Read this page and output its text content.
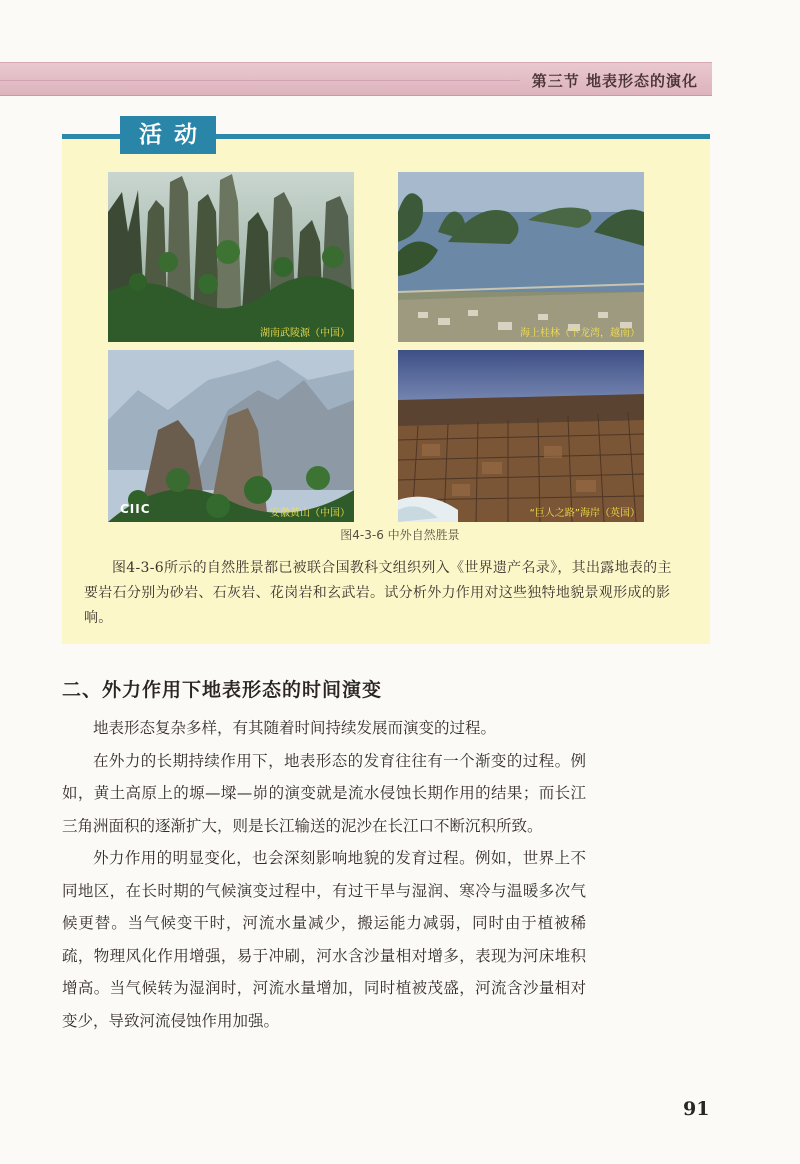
第三节 地表形态的演化
活动
湖南武陵源（中国）	海上桂林（下龙湾，越南）
CIIC	安徽黄山（中国）	“巨人之路”海岸（英国）
图4-3-6 中外自然胜景
图4-3-6所示的自然胜景都已被联合国教科文组织列入《世界遗产名录》，其出露地表的主要岩石分别为砂岩、石灰岩、花岗岩和玄武岩。试分析外力作用对这些独特地貌景观形成的影响。
二、外力作用下地表形态的时间演变

地表形态复杂多样，有其随着时间持续发展而演变的过程。

在外力的长期持续作用下，地表形态的发育往往有一个渐变的过程。例如，黄土高原上的塬—墚—峁的演变就是流水侵蚀长期作用的结果；而长江三角洲面积的逐渐扩大，则是长江输送的泥沙在长江口不断沉积所致。

外力作用的明显变化，也会深刻影响地貌的发育过程。例如，世界上不同地区，在长时期的气候演变过程中，有过干旱与湿润、寒冷与温暖多次气候更替。当气候变干时，河流水量减少，搬运能力减弱，同时由于植被稀疏，物理风化作用增强，易于冲刷，河水含沙量相对增多，表现为河床堆积增高。当气候转为湿润时，河流水量增加，同时植被茂盛，河流含沙量相对变少，导致河流侵蚀作用加强。

91
